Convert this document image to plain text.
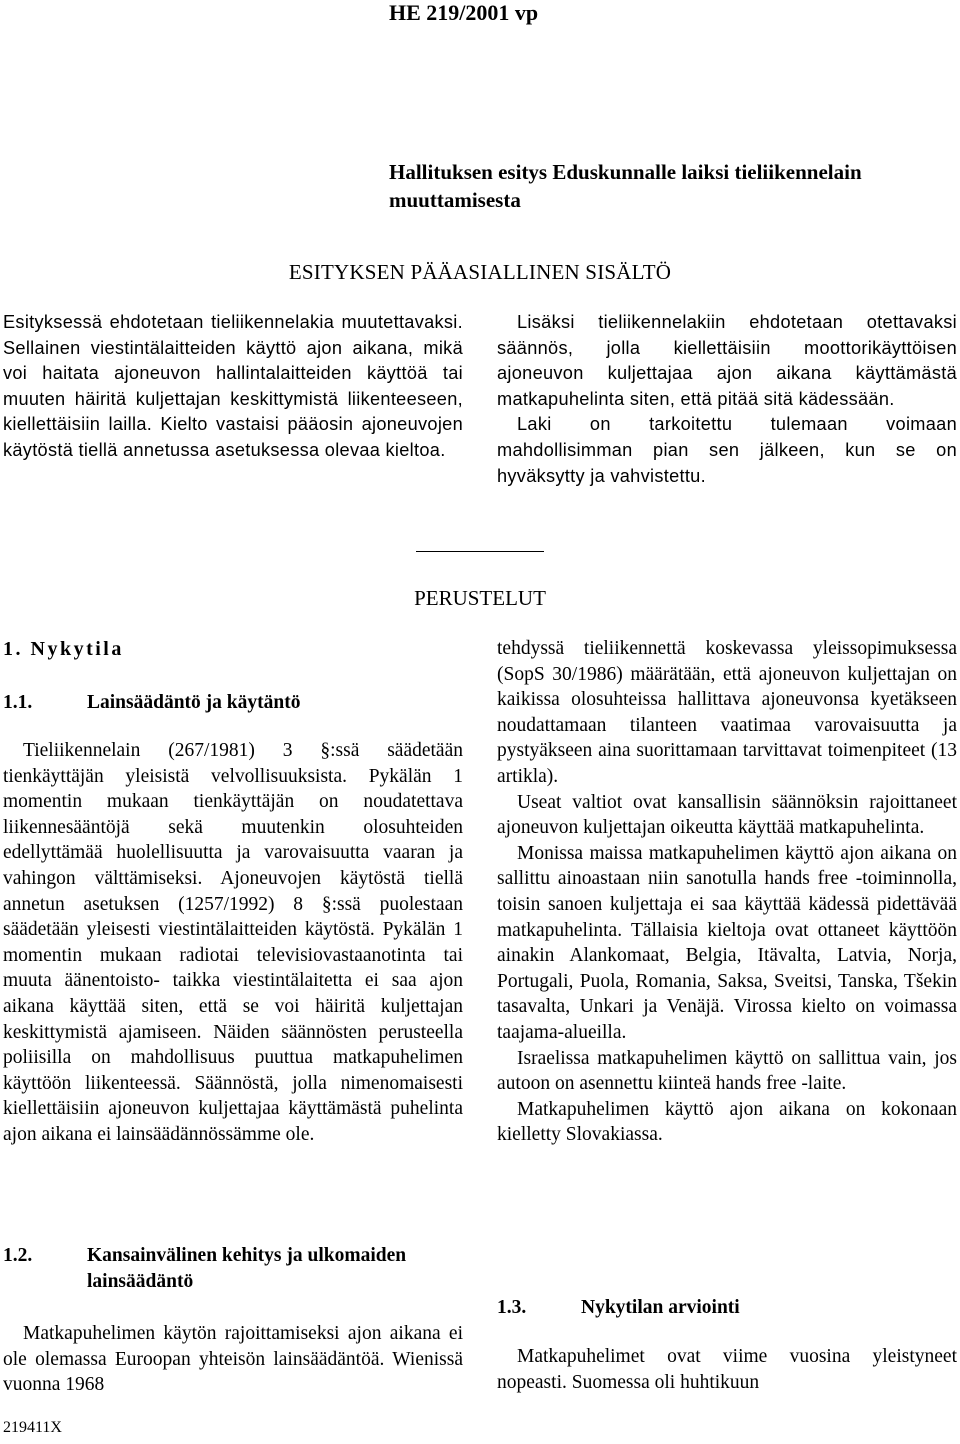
HE 219/2001 vp
Hallituksen esitys Eduskunnalle laiksi tieliikennelain muuttamisesta
ESITYKSEN PÄÄASIALLINEN SISÄLTÖ

Esityksessä ehdotetaan tieliikennelakia muutettavaksi. Sellainen viestintälaitteiden käyttö ajon aikana, mikä voi haitata ajoneuvon hallintalaitteiden käyttöä tai muuten häiritä kuljettajan keskittymistä liikenteeseen, kiellettäisiin lailla. Kielto vastaisi pääosin ajoneuvojen käytöstä tiellä annetussa asetuksessa olevaa kieltoa.

Lisäksi tieliikennelakiin ehdotetaan otettavaksi säännös, jolla kiellettäisiin moottorikäyttöisen ajoneuvon kuljettajaa ajon aikana käyttämästä matkapuhelinta siten, että pitää sitä kädessään.

Laki on tarkoitettu tulemaan voimaan mahdollisimman pian sen jälkeen, kun se on hyväksytty ja vahvistettu.

PERUSTELUT
1. Nykytila
1.1.	Lainsäädäntö ja käytäntö

Tieliikennelain (267/1981) 3 §:ssä säädetään tienkäyttäjän yleisistä velvollisuuksista. Pykälän 1 momentin mukaan tienkäyttäjän on noudatettava liikennesääntöjä sekä muutenkin olosuhteiden edellyttämää huolellisuutta ja varovaisuutta vaaran ja vahingon välttämiseksi. Ajoneuvojen käytöstä tiellä annetun asetuksen (1257/1992) 8 §:ssä puolestaan säädetään yleisesti viestintälaitteiden käytöstä. Pykälän 1 momentin mukaan radiotai televisiovastaanotinta tai muuta äänentoisto- taikka viestintälaitetta ei saa ajon aikana käyttää siten, että se voi häiritä kuljettajan keskittymistä ajamiseen. Näiden säännösten perusteella poliisilla on mahdollisuus puuttua matkapuhelimen käyttöön liikenteessä. Säännöstä, jolla nimenomaisesti kiellettäisiin ajoneuvon kuljettajaa käyttämästä puhelinta ajon aikana ei lainsäädännössämme ole.

1.2.	Kansainvälinen kehitys ja ulkomaiden lainsäädäntö

Matkapuhelimen käytön rajoittamiseksi ajon aikana ei ole olemassa Euroopan yhteisön lainsäädäntöä. Wienissä vuonna 1968

tehdyssä tieliikennettä koskevassa yleissopimuksessa (SopS 30/1986) määrätään, että ajoneuvon kuljettajan on kaikissa olosuhteissa hallittava ajoneuvonsa kyetäkseen noudattamaan tilanteen vaatimaa varovaisuutta ja pystyäkseen aina suorittamaan tarvittavat toimenpiteet (13 artikla).

Useat valtiot ovat kansallisin säännöksin rajoittaneet ajoneuvon kuljettajan oikeutta käyttää matkapuhelinta.

Monissa maissa matkapuhelimen käyttö ajon aikana on sallittu ainoastaan niin sanotulla hands free -toiminnolla, toisin sanoen kuljettaja ei saa käyttää kädessä pidettävää matkapuhelinta. Tällaisia kieltoja ovat ottaneet käyttöön ainakin Alankomaat, Belgia, Itävalta, Latvia, Norja, Portugali, Puola, Romania, Saksa, Sveitsi, Tanska, Tšekin tasavalta, Unkari ja Venäjä. Virossa kielto on voimassa taajama-alueilla.

Israelissa matkapuhelimen käyttö on sallittua vain, jos autoon on asennettu kiinteä hands free -laite.

Matkapuhelimen käyttö ajon aikana on kokonaan kielletty Slovakiassa.

1.3.	Nykytilan arviointi

Matkapuhelimet ovat viime vuosina yleistyneet nopeasti. Suomessa oli huhtikuun

219411X
